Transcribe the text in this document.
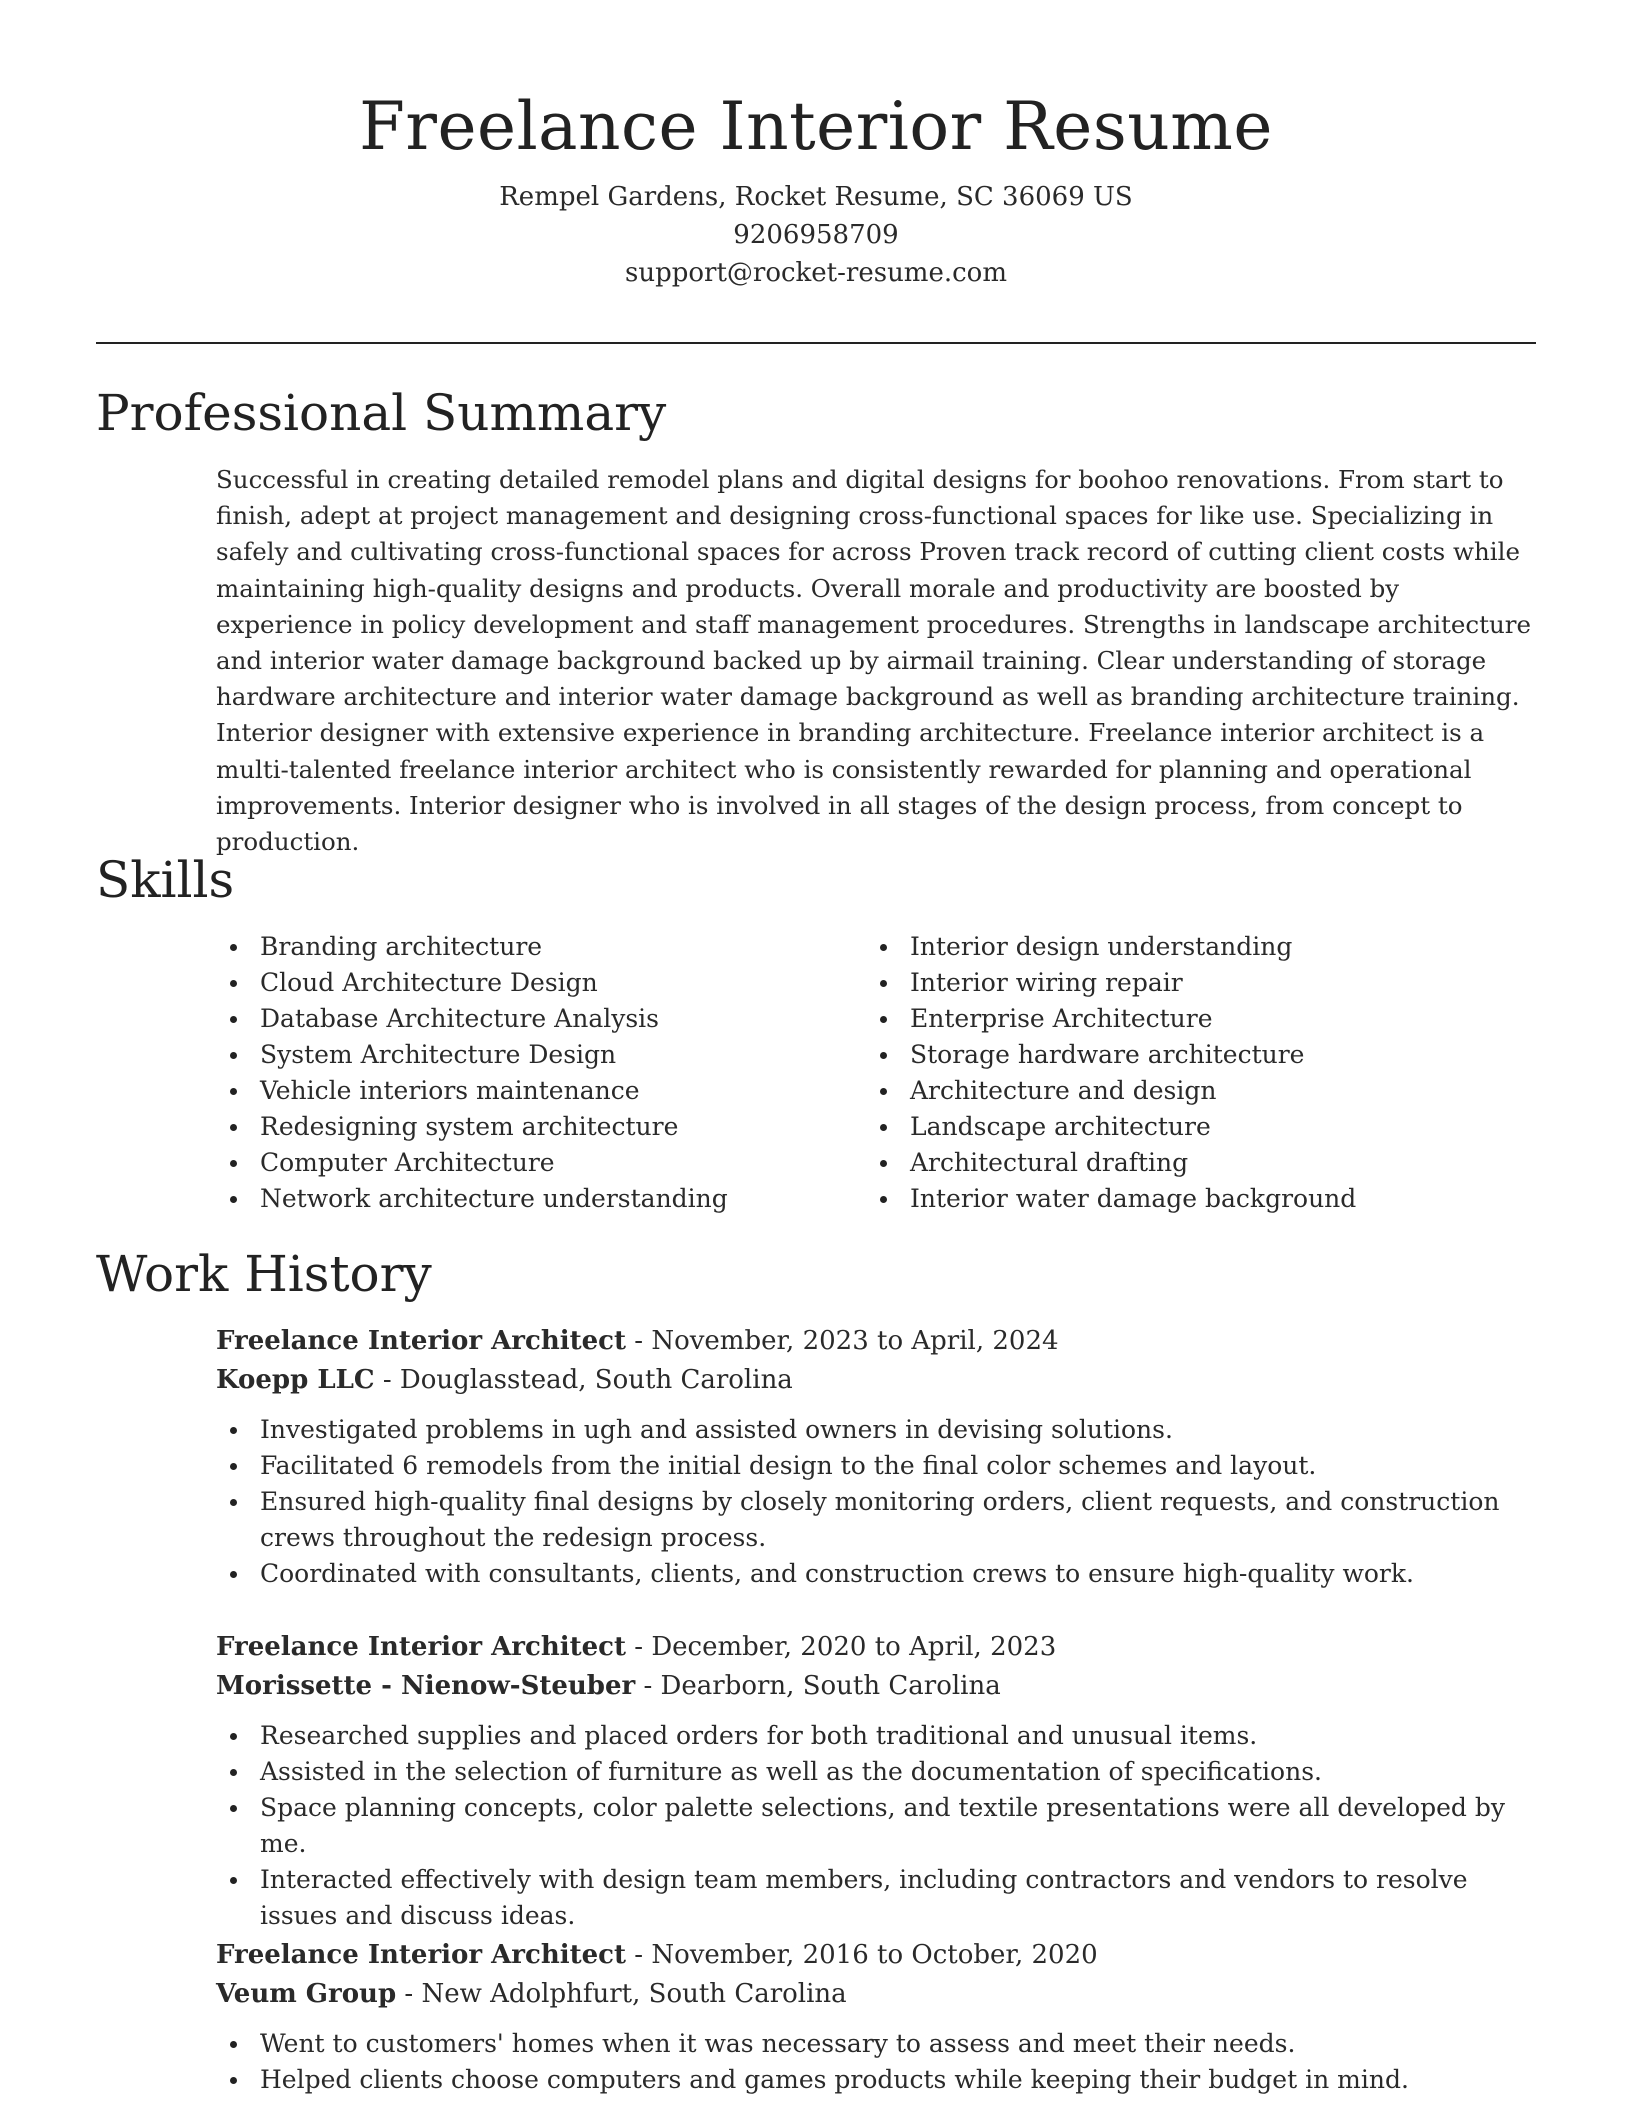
Freelance Interior Resume
Rempel Gardens, Rocket Resume, SC 36069 US
9206958709
support@rocket-resume.com
Professional Summary

Successful in creating detailed remodel plans and digital designs for boohoo renovations. From start to finish, adept at project management and designing cross-functional spaces for like use. Specializing in safely and cultivating cross-functional spaces for across Proven track record of cutting client costs while maintaining high-quality designs and products. Overall morale and productivity are boosted by experience in policy development and staff management procedures. Strengths in landscape architecture and interior water damage background backed up by airmail training. Clear understanding of storage hardware architecture and interior water damage background as well as branding architecture training. Interior designer with extensive experience in branding architecture. Freelance interior architect is a multi-talented freelance interior architect who is consistently rewarded for planning and operational improvements. Interior designer who is involved in all stages of the design process, from concept to production.

Skills
Branding architecture
Cloud Architecture Design
Database Architecture Analysis
System Architecture Design
Vehicle interiors maintenance
Redesigning system architecture
Computer Architecture
Network architecture understanding
Interior design understanding
Interior wiring repair
Enterprise Architecture
Storage hardware architecture
Architecture and design
Landscape architecture
Architectural drafting
Interior water damage background
Work History
Freelance Interior Architect - November, 2023 to April, 2024
Koepp LLC - Douglasstead, South Carolina
Investigated problems in ugh and assisted owners in devising solutions.
Facilitated 6 remodels from the initial design to the final color schemes and layout.
Ensured high-quality final designs by closely monitoring orders, client requests, and construction crews throughout the redesign process.
Coordinated with consultants, clients, and construction crews to ensure high-quality work.
Freelance Interior Architect - December, 2020 to April, 2023
Morissette - Nienow-Steuber - Dearborn, South Carolina
Researched supplies and placed orders for both traditional and unusual items.
Assisted in the selection of furniture as well as the documentation of specifications.
Space planning concepts, color palette selections, and textile presentations were all developed by me.
Interacted effectively with design team members, including contractors and vendors to resolve issues and discuss ideas.
Freelance Interior Architect - November, 2016 to October, 2020
Veum Group - New Adolphfurt, South Carolina
Went to customers' homes when it was necessary to assess and meet their needs.
Helped clients choose computers and games products while keeping their budget in mind.
